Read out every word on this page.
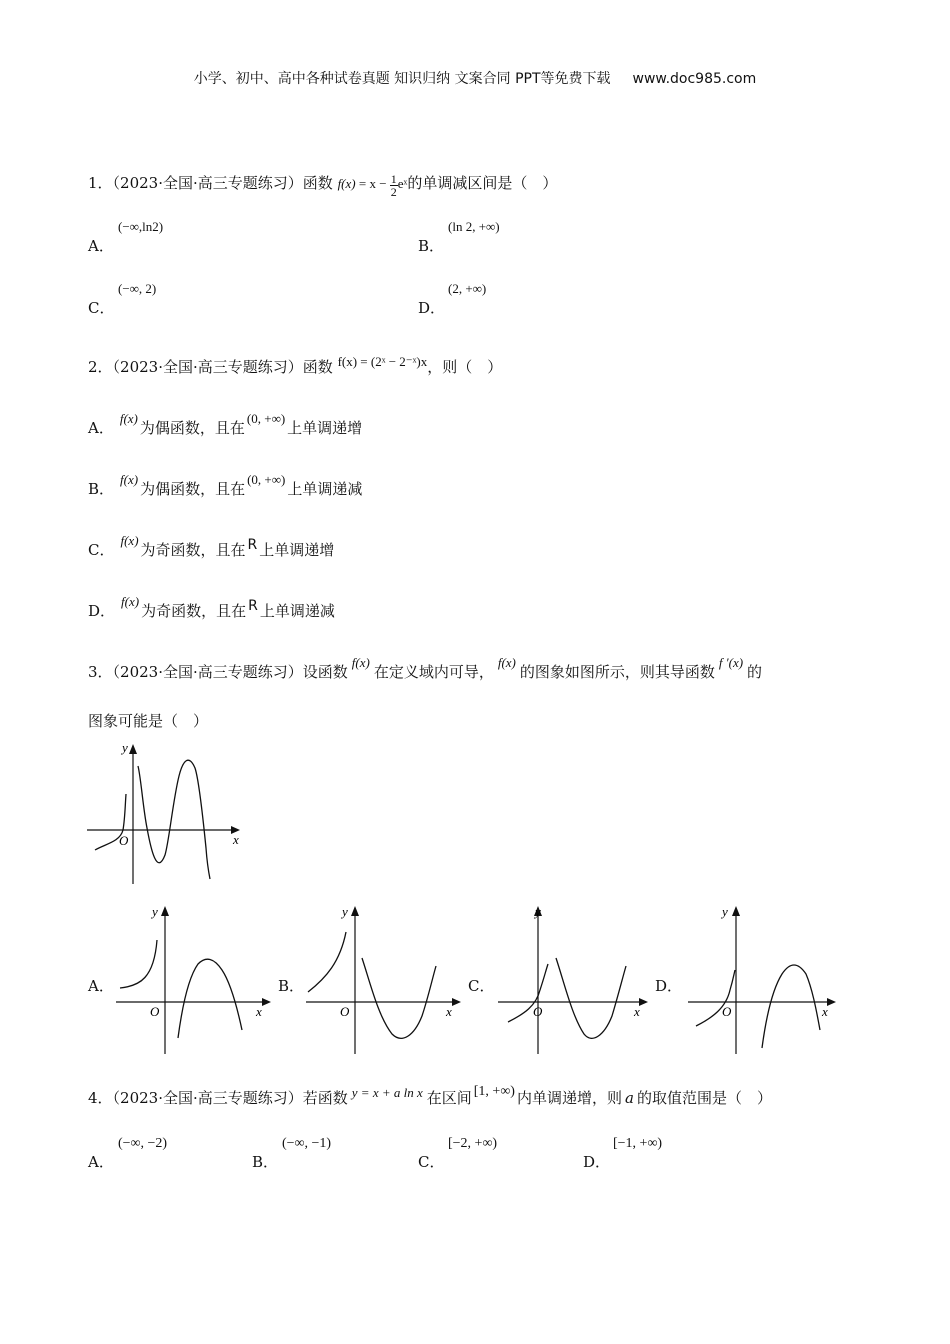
小学、初中、高中各种试卷真题 知识归纳 文案合同 PPT等免费下载 www.doc985.com
1．（2023·全国·高三专题练习）函数 $f(x) = x - \frac{1}{2}$ eˣ的单调减区间是（　）
A．
(−∞,ln2)
B．
(ln 2, +∞)
C．
(−∞, 2)
D．
(2, +∞)
2．（2023·全国·高三专题练习）函数 f(x) = (2ˣ − 2⁻ˣ)x，则（　）
A．f(x)为偶函数，且在(0, +∞)上单调递增
B．f(x)为偶函数，且在(0, +∞)上单调递减
C．f(x)为奇函数，且在 R 上单调递增
D．f(x)为奇函数，且在 R 上单调递减
3．（2023·全国·高三专题练习）设函数f(x)在定义域内可导，f(x)的图象如图所示，则其导函数f ′(x)的
图象可能是（　）
y
x
O
A．
y
x
O
B．
y
x
O
C．
y
x
O
D．
y
x
O
4．（2023·全国·高三专题练习）若函数 y = x + a ln x 在区间 [1, +∞) 内单调递增，则 a 的取值范围是（　）
A．
(−∞, −2)
B．
(−∞, −1)
C．
[−2, +∞)
D．
[−1, +∞)
